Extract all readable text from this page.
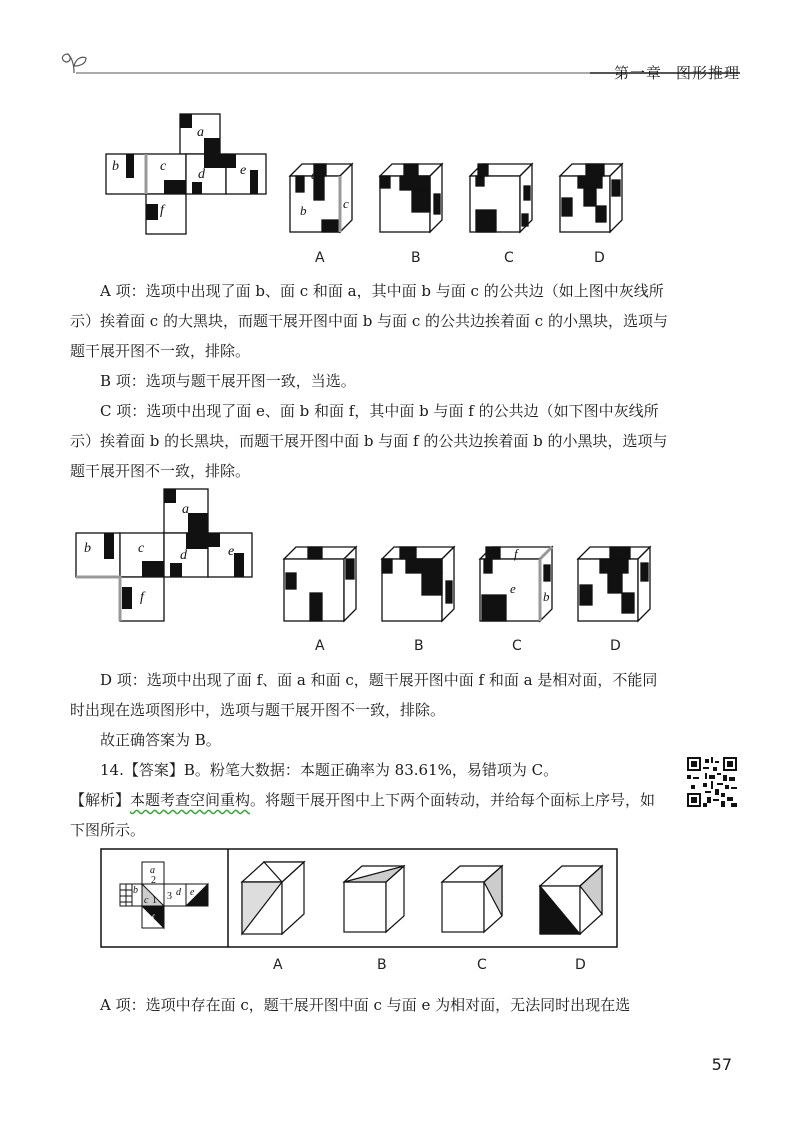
第一章 图形推理
a
b	c
d	e
f
a
b	c
A	B	C	D

A 项：选项中出现了面 b、面 c 和面 a，其中面 b 与面 c 的公共边（如上图中灰线所示）挨着面 c 的大黑块，而题干展开图中面 b 与面 c 的公共边挨着面 c 的小黑块，选项与题干展开图不一致，排除。

B 项：选项与题干展开图一致，当选。

C 项：选项中出现了面 e、面 b 和面 f，其中面 b 与面 f 的公共边（如下图中灰线所示）挨着面 b 的长黑块，而题干展开图中面 b 与面 f 的公共边挨着面 b 的小黑块，选项与题干展开图不一致，排除。

a
b	c	d	e
f
f
e
b
A	B	C	D

D 项：选项中出现了面 f、面 a 和面 c，题干展开图中面 f 和面 a 是相对面，不能同时出现在选项图形中，选项与题干展开图不一致，排除。

故正确答案为 B。

14.【答案】B。粉笔大数据：本题正确率为 83.61%，易错项为 C。

【解析】本题考查空间重构。将题干展开图中上下两个面转动，并给每个面标上序号，如下图所示。

a
2
b
c 1 3 d e
f
A	B	C	D

A 项：选项中存在面 c，题干展开图中面 c 与面 e 为相对面，无法同时出现在选

57
